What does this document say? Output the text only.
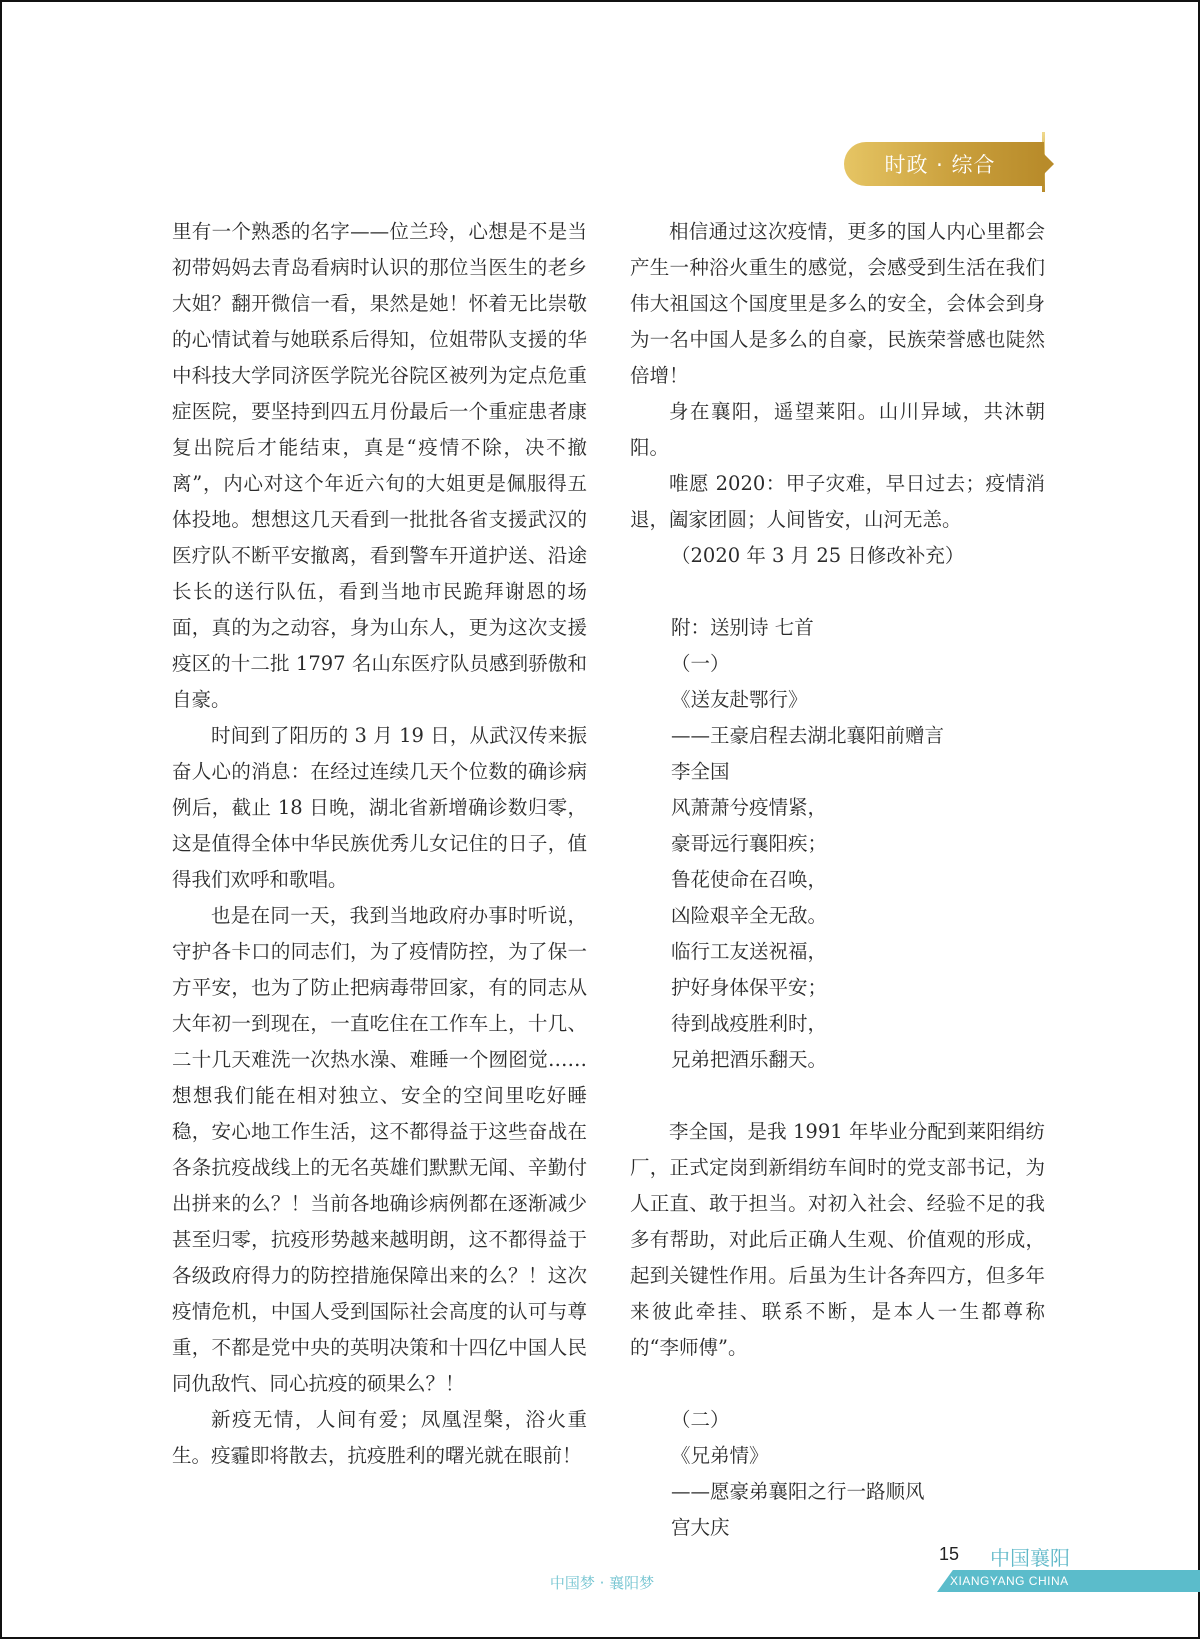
时政 · 综合

里有一个熟悉的名字——位兰玲，心想是不是当初带妈妈去青岛看病时认识的那位当医生的老乡大姐？翻开微信一看，果然是她！怀着无比崇敬的心情试着与她联系后得知，位姐带队支援的华中科技大学同济医学院光谷院区被列为定点危重症医院，要坚持到四五月份最后一个重症患者康复出院后才能结束，真是“疫情不除，决不撤离”，内心对这个年近六旬的大姐更是佩服得五体投地。想想这几天看到一批批各省支援武汉的医疗队不断平安撤离，看到警车开道护送、沿途长长的送行队伍，看到当地市民跪拜谢恩的场面，真的为之动容，身为山东人，更为这次支援疫区的十二批 1797 名山东医疗队员感到骄傲和自豪。

时间到了阳历的 3 月 19 日，从武汉传来振奋人心的消息：在经过连续几天个位数的确诊病例后，截止 18 日晚，湖北省新增确诊数归零，这是值得全体中华民族优秀儿女记住的日子，值得我们欢呼和歌唱。

也是在同一天，我到当地政府办事时听说，守护各卡口的同志们，为了疫情防控，为了保一方平安，也为了防止把病毒带回家，有的同志从大年初一到现在，一直吃住在工作车上，十几、二十几天难洗一次热水澡、难睡一个囫囵觉……想想我们能在相对独立、安全的空间里吃好睡稳，安心地工作生活，这不都得益于这些奋战在各条抗疫战线上的无名英雄们默默无闻、辛勤付出拼来的么？！当前各地确诊病例都在逐渐减少甚至归零，抗疫形势越来越明朗，这不都得益于各级政府得力的防控措施保障出来的么？！这次疫情危机，中国人受到国际社会高度的认可与尊重，不都是党中央的英明决策和十四亿中国人民同仇敌忾、同心抗疫的硕果么？！

新疫无情，人间有爱；凤凰涅槃，浴火重生。疫霾即将散去，抗疫胜利的曙光就在眼前！

相信通过这次疫情，更多的国人内心里都会产生一种浴火重生的感觉，会感受到生活在我们伟大祖国这个国度里是多么的安全，会体会到身为一名中国人是多么的自豪，民族荣誉感也陡然倍增！

身在襄阳，遥望莱阳。山川异域，共沐朝阳。

唯愿 2020：甲子灾难，早日过去；疫情消退，阖家团圆；人间皆安，山河无恙。

（2020 年 3 月 25 日修改补充）

附：送别诗 七首

（一）

《送友赴鄂行》

——王豪启程去湖北襄阳前赠言

李全国

风萧萧兮疫情紧，

豪哥远行襄阳疾；

鲁花使命在召唤，

凶险艰辛全无敌。

临行工友送祝福，

护好身体保平安；

待到战疫胜利时，

兄弟把酒乐翻天。

李全国，是我 1991 年毕业分配到莱阳绢纺厂，正式定岗到新绢纺车间时的党支部书记，为人正直、敢于担当。对初入社会、经验不足的我多有帮助，对此后正确人生观、价值观的形成，起到关键性作用。后虽为生计各奔四方，但多年来彼此牵挂、联系不断，是本人一生都尊称的“李师傅”。

（二）

《兄弟情》

——愿豪弟襄阳之行一路顺风

宫大庆

15 中国襄阳
XIANGYANG CHINA
中国梦 · 襄阳梦
